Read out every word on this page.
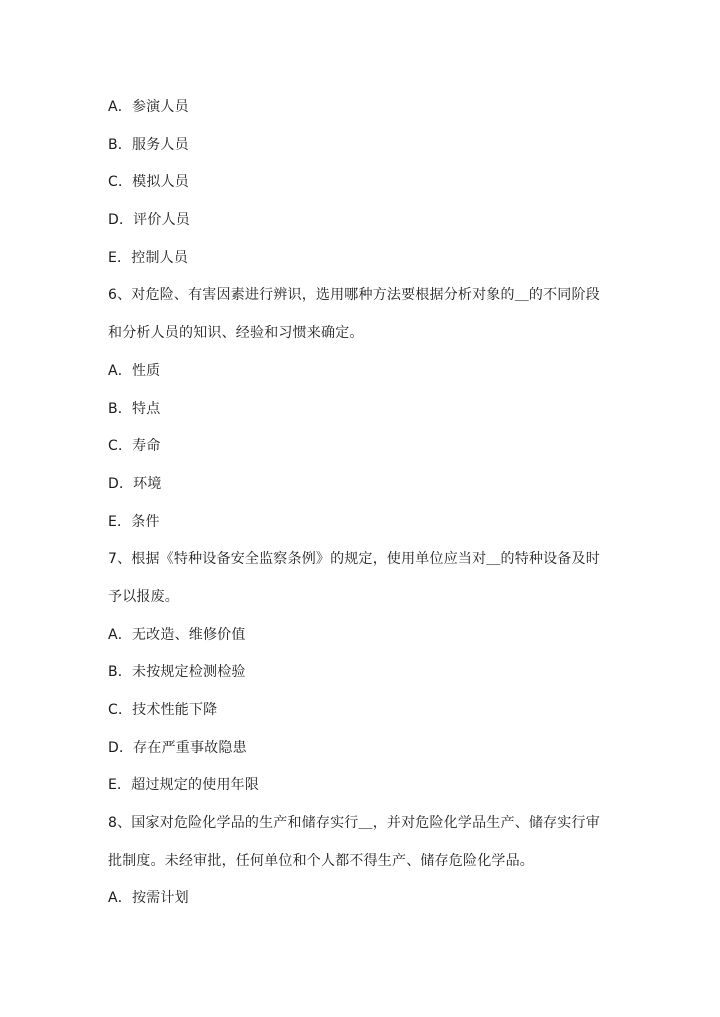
A．参演人员
B．服务人员
C．模拟人员
D．评价人员
E．控制人员
6、对危险、有害因素进行辨识，选用哪种方法要根据分析对象的＿的不同阶段
和分析人员的知识、经验和习惯来确定。
A．性质
B．特点
C．寿命
D．环境
E．条件
7、根据《特种设备安全监察条例》的规定，使用单位应当对＿的特种设备及时
予以报废。
A．无改造、维修价值
B．未按规定检测检验
C．技术性能下降
D．存在严重事故隐患
E．超过规定的使用年限
8、国家对危险化学品的生产和储存实行＿，并对危险化学品生产、储存实行审
批制度。未经审批，任何单位和个人都不得生产、储存危险化学品。
A．按需计划
